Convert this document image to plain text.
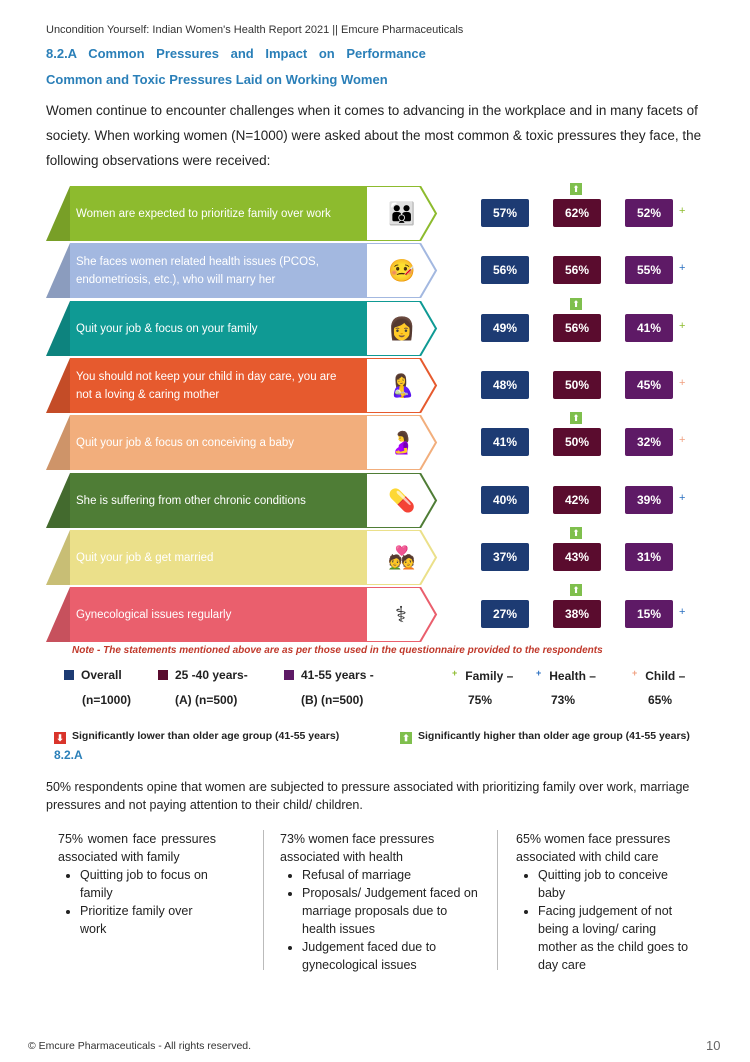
Uncondition Yourself: Indian Women's Health Report 2021 || Emcure Pharmaceuticals
8.2.A Common Pressures and Impact on Performance
Common and Toxic Pressures Laid on Working Women
Women continue to encounter challenges when it comes to advancing in the workplace and in many facets of society. When working women (N=1000) were asked about the most common & toxic pressures they face, the following observations were received:
Women are expected to prioritize family over work	👪	57%	62%	52%
⬆
+
She faces women related health issues (PCOS, endometriosis, etc.), who will marry her	🤒	56%	56%	55%	+
Quit your job & focus on your family	👩	49%	56%	41%
⬆
+
You should not keep your child in day care, you are not a loving & caring mother	🤱	48%	50%	45%	+
Quit your job & focus on conceiving a baby	🤰	41%	50%	32%
⬆
+
She is suffering from other chronic conditions	💊	40%	42%	39%	+
Quit your job & get married	💑	37%	43%	31%
⬆
Gynecological issues regularly	⚕	27%	38%	15%
⬆
+
Note - The statements mentioned above are as per those used in the questionnaire provided to the respondents
Overall
(n=1000)
25 -40 years-
(A) (n=500)
41-55 years -
(B) (n=500)
+ Family –
75%
+ Health –
73%
+ Child –
65%
⬇ Significantly lower than older age group (41-55 years)	⬆ Significantly higher than older age group (41-55 years)
8.2.A
50% respondents opine that women are subjected to pressure associated with prioritizing family over work, marriage pressures and not paying attention to their child/ children.
75% women face pressures associated with family
• Quitting job to focus on family
• Prioritize family over work
73% women face pressures associated with health
• Refusal of marriage
• Proposals/ Judgement faced on marriage proposals due to health issues
• Judgement faced due to gynecological issues
65% women face pressures associated with child care
• Quitting job to conceive baby
• Facing judgement of not being a loving/ caring mother as the child goes to day care
© Emcure Pharmaceuticals - All rights reserved.	10
